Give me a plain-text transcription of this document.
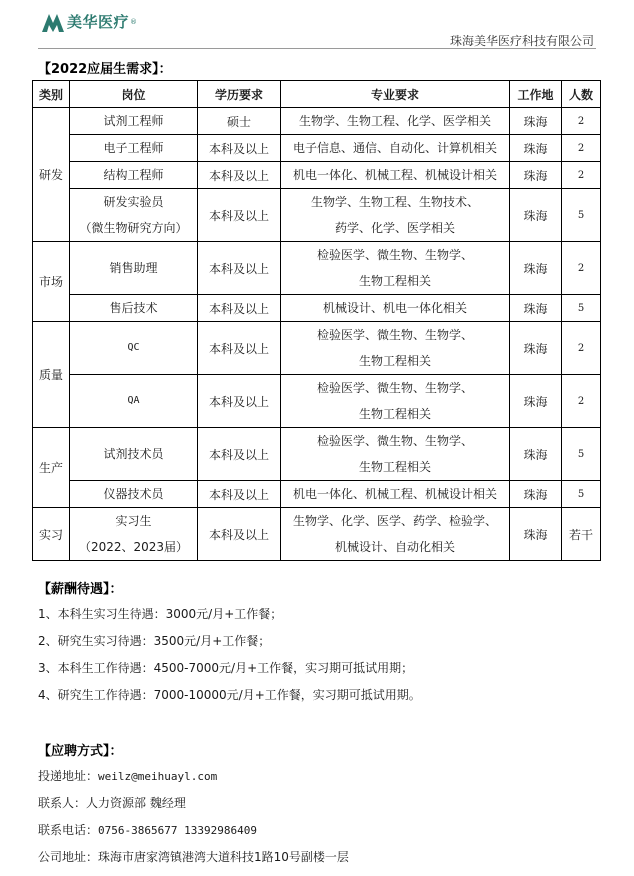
美华医疗 ®
珠海美华医疗科技有限公司
【2022应届生需求】：
类别	岗位	学历要求	专业要求	工作地	人数
研发	试剂工程师	硕士	生物学、生物工程、化学、医学相关	珠海	2

	电子工程师	本科及以上	电子信息、通信、自动化、计算机相关	珠海	2

	结构工程师	本科及以上	机电一体化、机械工程、机械设计相关	珠海	2

	研发实验员
（微生物研究方向）	本科及以上	生物学、生物工程、生物技术、
药学、化学、医学相关	珠海	5
市场	销售助理	本科及以上	检验医学、微生物、生物学、
生物工程相关	珠海	2

	售后技术	本科及以上	机械设计、机电一体化相关	珠海	5
质量	QC	本科及以上	检验医学、微生物、生物学、
生物工程相关	珠海	2

	QA	本科及以上	检验医学、微生物、生物学、
生物工程相关	珠海	2
生产	试剂技术员	本科及以上	检验医学、微生物、生物学、
生物工程相关	珠海	5

	仪器技术员	本科及以上	机电一体化、机械工程、机械设计相关	珠海	5
实习	实习生
（2022、2023届）	本科及以上	生物学、化学、医学、药学、检验学、
机械设计、自动化相关	珠海	若干
【薪酬待遇】：
1、本科生实习生待遇：3000元/月+工作餐；
2、研究生实习待遇：3500元/月+工作餐；
3、本科生工作待遇：4500-7000元/月+工作餐，实习期可抵试用期；
4、研究生工作待遇：7000-10000元/月+工作餐，实习期可抵试用期。
【应聘方式】：
投递地址：weilz@meihuayl.com
联系人：人力资源部 魏经理
联系电话：0756-3865677 13392986409
公司地址：珠海市唐家湾镇港湾大道科技1路10号副楼一层
